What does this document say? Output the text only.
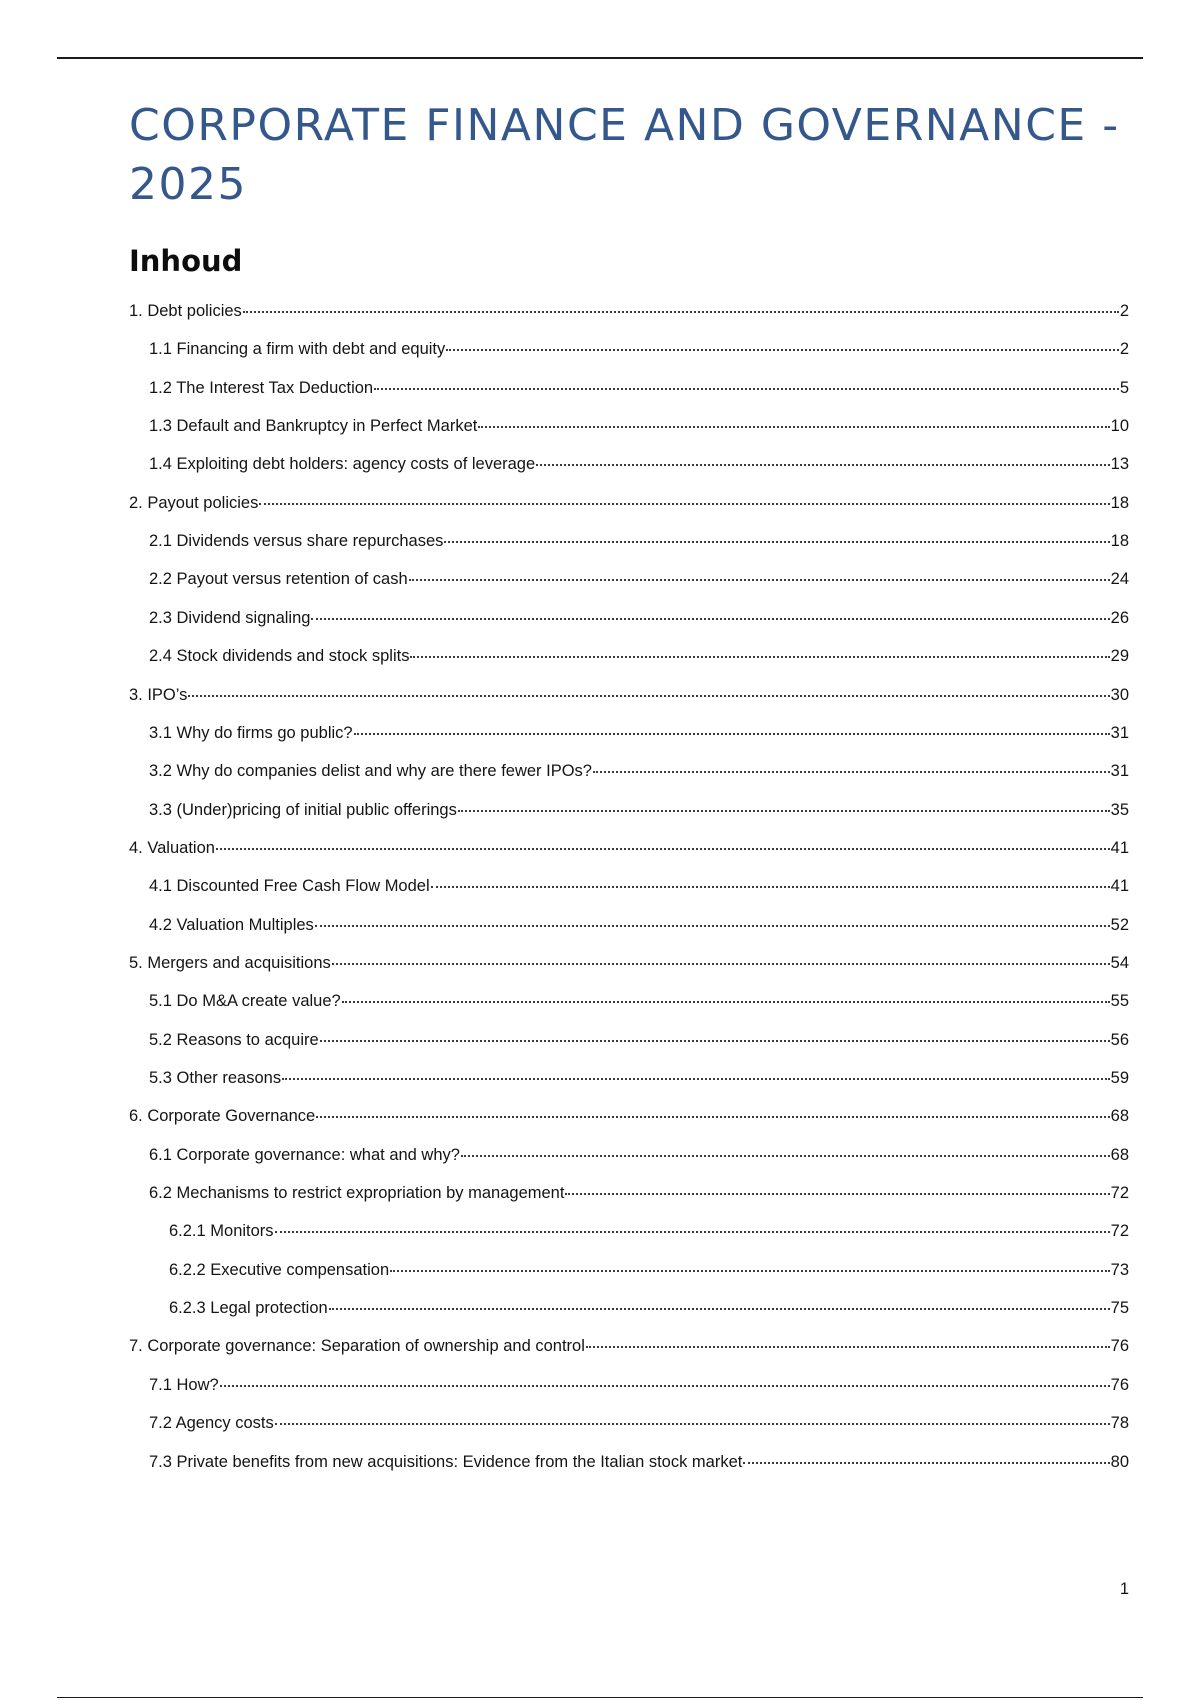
CORPORATE FINANCE AND GOVERNANCE - 2025
Inhoud
1. Debt policies	2
1.1 Financing a firm with debt and equity	2
1.2 The Interest Tax Deduction	5
1.3 Default and Bankruptcy in Perfect Market	10
1.4 Exploiting debt holders: agency costs of leverage	13
2. Payout policies	18
2.1 Dividends versus share repurchases	18
2.2 Payout versus retention of cash	24
2.3 Dividend signaling	26
2.4 Stock dividends and stock splits	29
3. IPO’s	30
3.1 Why do firms go public?	31
3.2 Why do companies delist and why are there fewer IPOs?	31
3.3 (Under)pricing of initial public offerings	35
4. Valuation	41
4.1 Discounted Free Cash Flow Model	41
4.2 Valuation Multiples	52
5. Mergers and acquisitions	54
5.1 Do M&A create value?	55
5.2 Reasons to acquire	56
5.3 Other reasons	59
6. Corporate Governance	68
6.1 Corporate governance: what and why?	68
6.2 Mechanisms to restrict expropriation by management	72
6.2.1 Monitors	72
6.2.2 Executive compensation	73
6.2.3 Legal protection	75
7. Corporate governance: Separation of ownership and control	76
7.1 How?	76
7.2 Agency costs	78
7.3 Private benefits from new acquisitions: Evidence from the Italian stock market	80
1
